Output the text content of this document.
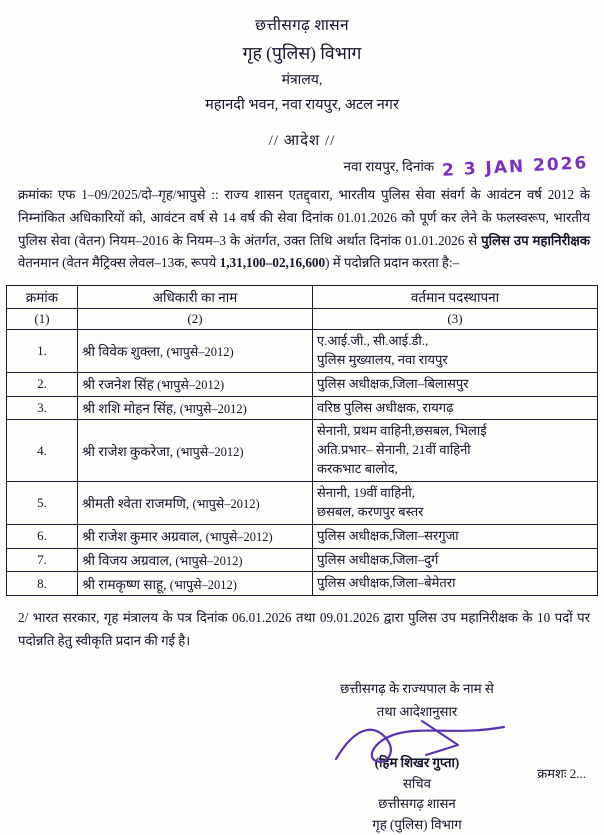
छत्तीसगढ़ शासन
गृह (पुलिस) विभाग
मंत्रालय,
महानदी भवन, नवा रायपुर, अटल नगर
// आदेश //
नवा रायपुर, दिनांक 2 3 JAN 2026
क्रमांकः एफ 1–09/2025/दो–गृह/भापुसे :: राज्य शासन एतद्द्वारा, भारतीय पुलिस सेवा संवर्ग के आवंटन वर्ष 2012 के निम्नांकित अधिकारियों को, आवंटन वर्ष से 14 वर्ष की सेवा दिनांक 01.01.2026 को पूर्ण कर लेने के फलस्वरूप, भारतीय पुलिस सेवा (वेतन) नियम–2016 के नियम–3 के अंतर्गत, उक्त तिथि अर्थात दिनांक 01.01.2026 से पुलिस उप महानिरीक्षक वेतनमान (वेतन मैट्रिक्स लेवल–13क, रूपये 1,31,100–02,16,600) में पदोन्नति प्रदान करता है:–
क्रमांक	अधिकारी का नाम	वर्तमान पदस्थापना
(1)	(2)	(3)
1.	श्री विवेक शुक्ला, (भापुसे–2012)	ए.आई.जी., सी.आई.डी.,
पुलिस मुख्यालय, नवा रायपुर

2.	श्री रजनेश सिंह (भापुसे–2012)	पुलिस अधीक्षक,जिला–बिलासपुर

3.	श्री शशि मोहन सिंह, (भापुसे–2012)	वरिष्ठ पुलिस अधीक्षक, रायगढ़

4.	श्री राजेश कुकरेजा, (भापुसे–2012)	सेनानी, प्रथम वाहिनी,छसबल, भिलाई
अति.प्रभार– सेनानी, 21वीं वाहिनी
करकभाट बालोद,

5.	श्रीमती श्वेता राजमणि, (भापुसे–2012)	सेनानी, 19वीं वाहिनी,
छसबल, करणपुर बस्तर

6.	श्री राजेश कुमार अग्रवाल, (भापुसे–2012)	पुलिस अधीक्षक,जिला–सरगुजा

7.	श्री विजय अग्रवाल, (भापुसे–2012)	पुलिस अधीक्षक,जिला–दुर्ग

8.	श्री रामकृष्ण साहू, (भापुसे–2012)	पुलिस अधीक्षक,जिला–बेमेतरा
2/ भारत सरकार, गृह मंत्रालय के पत्र दिनांक 06.01.2026 तथा 09.01.2026 द्वारा पुलिस उप महानिरीक्षक के 10 पदों पर पदोन्नति हेतु स्वीकृति प्रदान की गई है।
छत्तीसगढ़ के राज्यपाल के नाम से
तथा आदेशानुसार
(हिम शिखर गुप्ता)
सचिव
छत्तीसगढ़ शासन
गृह (पुलिस) विभाग
क्रमशः 2...
